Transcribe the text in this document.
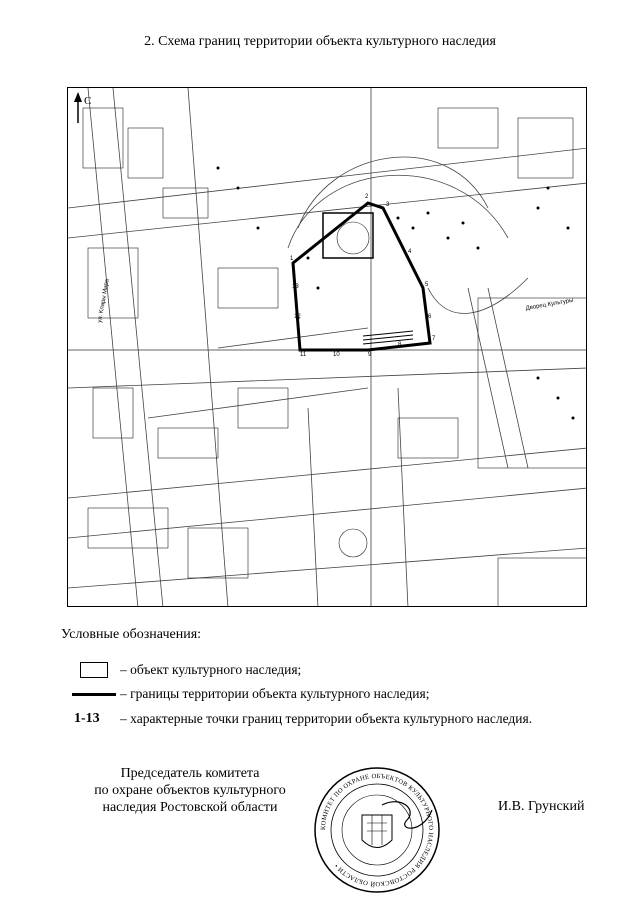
2. Схема границ территории объекта культурного наследия
С
ул. Клары Мира	Дворец Культуры
1
2
3
4
5
6
7
8
9
10
11
12
13
Условные обозначения:
– объект культурного наследия;
– границы территории объекта культурного наследия;
1-13 – характерные точки границ территории объекта культурного наследия.
Председатель комитета
по охране объектов культурного
наследия Ростовской области
КОМИТЕТ ПО ОХРАНЕ ОБЪЕКТОВ КУЛЬТУРНОГО НАСЛЕДИЯ РОСТОВСКОЙ ОБЛАСТИ •
И.В. Грунский
